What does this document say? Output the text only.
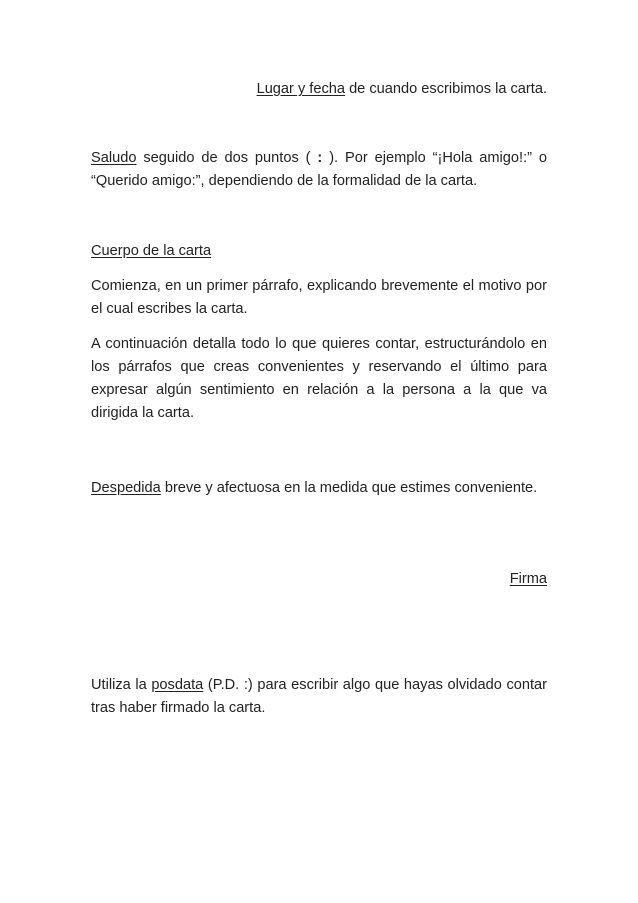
Lugar y fecha de cuando escribimos la carta.
Saludo seguido de dos puntos ( : ). Por ejemplo “¡Hola amigo!:” o “Querido amigo:”, dependiendo de la formalidad de la carta.
Cuerpo de la carta
Comienza, en un primer párrafo, explicando brevemente el motivo por el cual escribes la carta.
A continuación detalla todo lo que quieres contar, estructurándolo en los párrafos que creas convenientes y reservando el último para expresar algún sentimiento en relación a la persona a la que va dirigida la carta.
Despedida breve y afectuosa en la medida que estimes conveniente.
Firma
Utiliza la posdata (P.D. :) para escribir algo que hayas olvidado contar tras haber firmado la carta.
